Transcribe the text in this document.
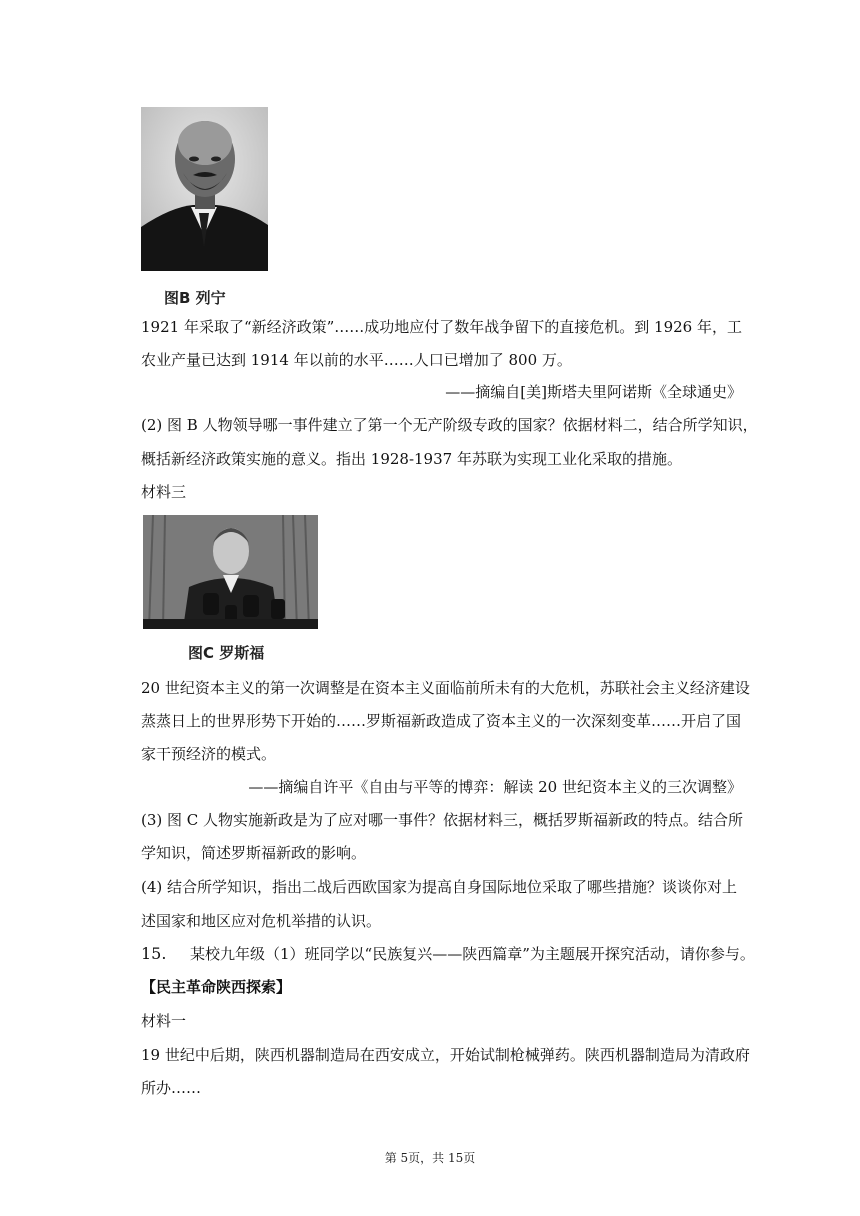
图B 列宁
1921 年采取了“新经济政策”……成功地应付了数年战争留下的直接危机。到 1926 年，工
农业产量已达到 1914 年以前的水平……人口已增加了 800 万。
——摘编自[美]斯塔夫里阿诺斯《全球通史》
(2) 图 B 人物领导哪一事件建立了第一个无产阶级专政的国家？依据材料二，结合所学知识，
概括新经济政策实施的意义。指出 1928-1937 年苏联为实现工业化采取的措施。
材料三
图C 罗斯福
20 世纪资本主义的第一次调整是在资本主义面临前所未有的大危机，苏联社会主义经济建设
蒸蒸日上的世界形势下开始的……罗斯福新政造成了资本主义的一次深刻变革……开启了国
家干预经济的模式。
——摘编自许平《自由与平等的博弈：解读 20 世纪资本主义的三次调整》
(3) 图 C 人物实施新政是为了应对哪一事件？依据材料三，概括罗斯福新政的特点。结合所
学知识，简述罗斯福新政的影响。
(4) 结合所学知识，指出二战后西欧国家为提高自身国际地位采取了哪些措施？谈谈你对上
述国家和地区应对危机举措的认识。
15. 某校九年级（1）班同学以“民族复兴——陕西篇章”为主题展开探究活动，请你参与。
【民主革命陕西探索】
材料一
19 世纪中后期，陕西机器制造局在西安成立，开始试制枪械弹药。陕西机器制造局为清政府
所办……
第 5页，共 15页
